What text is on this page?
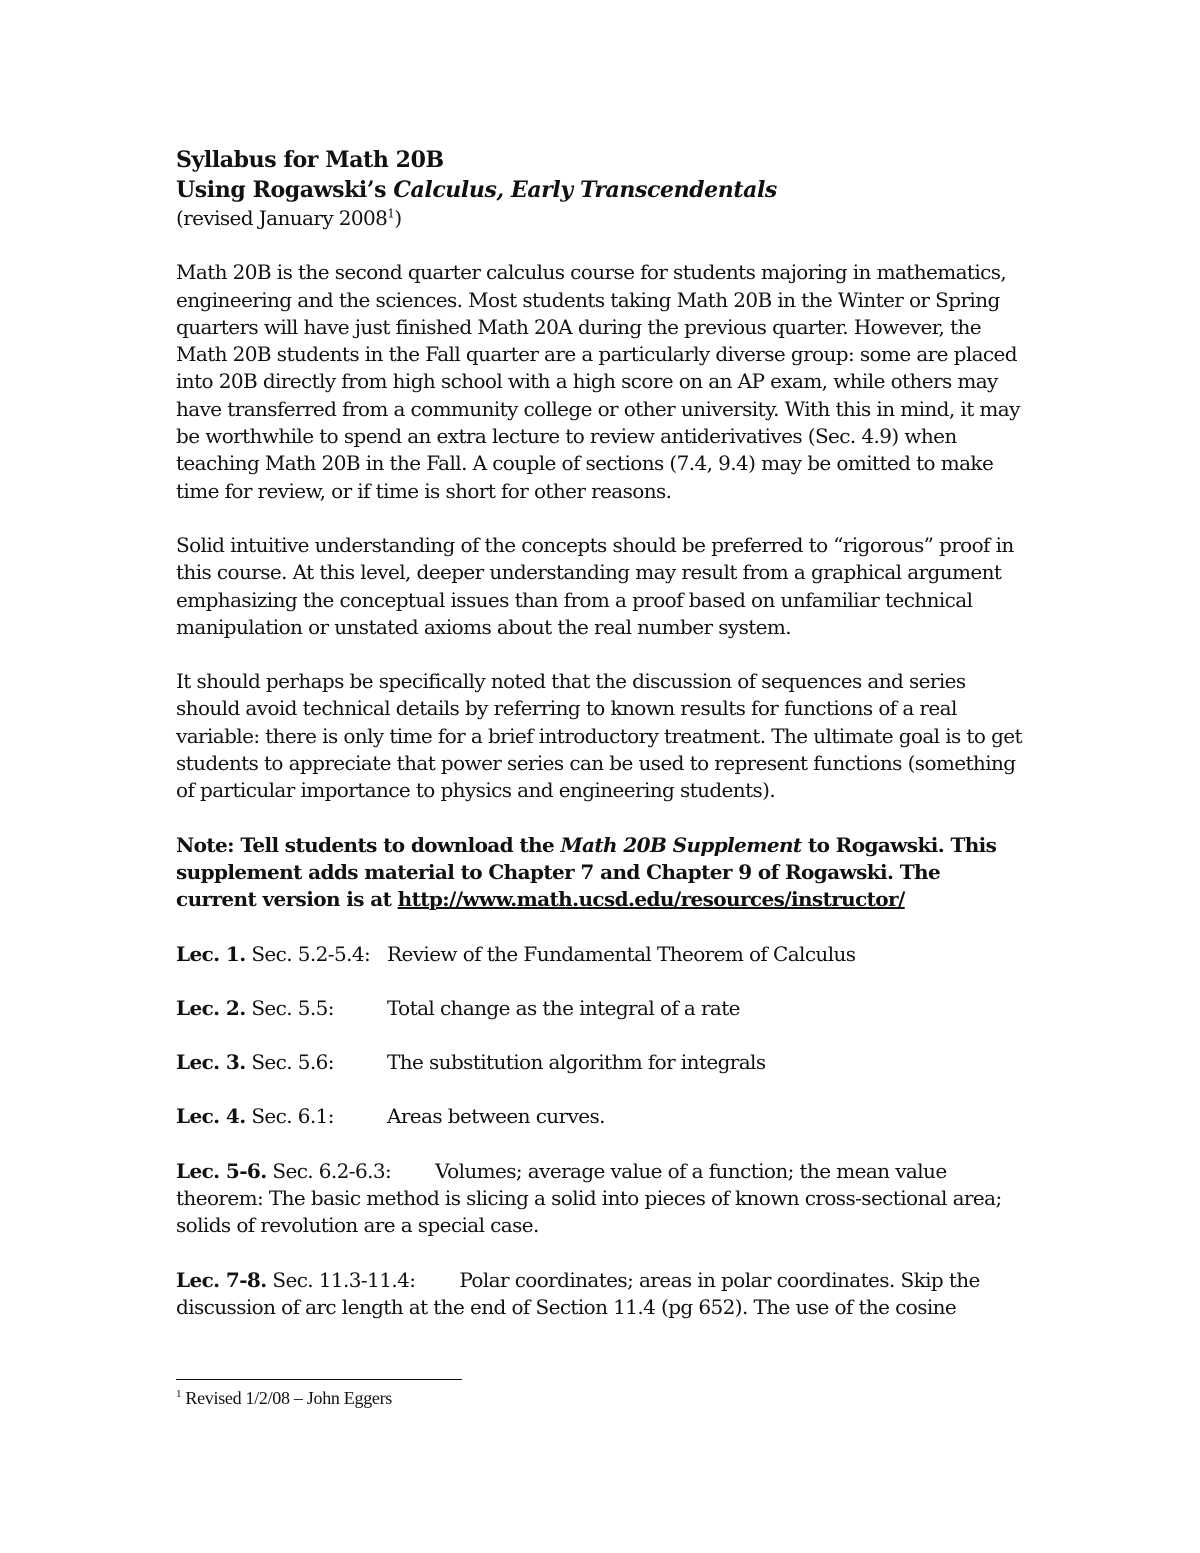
Syllabus for Math 20B
Using Rogawski’s Calculus, Early Transcendentals
(revised January 2008$^1$)

Math 20B is the second quarter calculus course for students majoring in mathematics, engineering and the sciences. Most students taking Math 20B in the Winter or Spring quarters will have just finished Math 20A during the previous quarter. However, the Math 20B students in the Fall quarter are a particularly diverse group: some are placed into 20B directly from high school with a high score on an AP exam, while others may have transferred from a community college or other university. With this in mind, it may be worthwhile to spend an extra lecture to review antiderivatives (Sec. 4.9) when teaching Math 20B in the Fall. A couple of sections (7.4, 9.4) may be omitted to make time for review, or if time is short for other reasons.

Solid intuitive understanding of the concepts should be preferred to “rigorous” proof in this course. At this level, deeper understanding may result from a graphical argument emphasizing the conceptual issues than from a proof based on unfamiliar technical manipulation or unstated axioms about the real number system.

It should perhaps be specifically noted that the discussion of sequences and series should avoid technical details by referring to known results for functions of a real variable: there is only time for a brief introductory treatment. The ultimate goal is to get students to appreciate that power series can be used to represent functions (something of particular importance to physics and engineering students).

Note: Tell students to download the Math 20B Supplement to Rogawski. This supplement adds material to Chapter 7 and Chapter 9 of Rogawski. The current version is at http://www.math.ucsd.edu/resources/instructor/

Lec. 1. Sec. 5.2-5.4: Review of the Fundamental Theorem of Calculus
Lec. 2. Sec. 5.5:	Total change as the integral of a rate
Lec. 3. Sec. 5.6:	The substitution algorithm for integrals
Lec. 4. Sec. 6.1:	Areas between curves.
Lec. 5-6. Sec. 6.2-6.3: Volumes; average value of a function; the mean value theorem: The basic method is slicing a solid into pieces of known cross-sectional area; solids of revolution are a special case.
Lec. 7-8. Sec. 11.3-11.4: Polar coordinates; areas in polar coordinates. Skip the discussion of arc length at the end of Section 11.4 (pg 652). The use of the cosine
$^1$ Revised 1/2/08 – John Eggers
